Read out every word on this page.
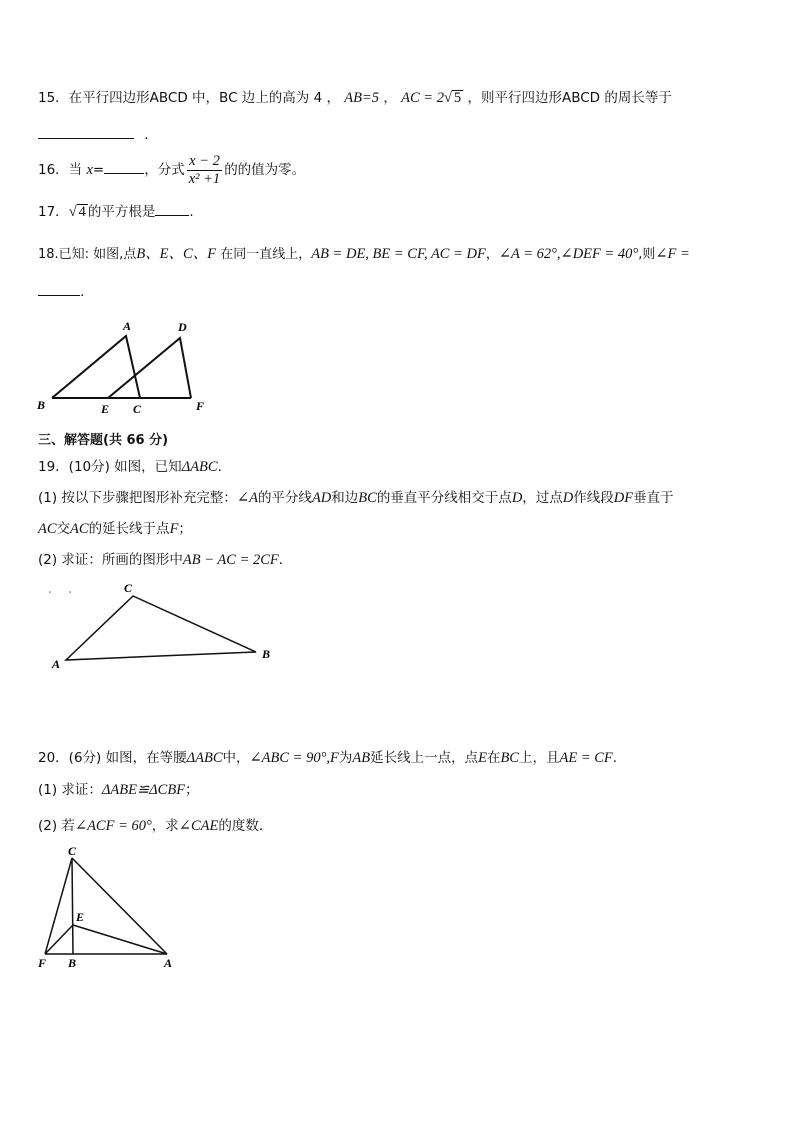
15．在平行四边形ABCD 中，BC 边上的高为 4 ， AB=5 ， AC = 2√ 5 ，则平行四边形ABCD 的周长等于
．
16．当 x=	，分式 $\frac{x - 2}{\text{x² +1}}$ 的的值为零。
17．√ 4 的平方根是	.
18.已知: 如图,点B、E、C、F 在同一直线上，AB = DE, BE = CF, AC = DF，∠A = 62°,∠DEF = 40°,则∠F =
.
A	D
B	E C	F
三、解答题(共 66 分)
19．(10分) 如图，已知ΔABC．
(1) 按以下步骤把图形补充完整：∠A的平分线AD和边BC的垂直平分线相交于点D，过点D作线段DF垂直于
AC交AC的延长线于点F；
(2) 求证：所画的图形中AB − AC = 2CF．
C
A
B
20．(6分) 如图，在等腰ΔABC中，∠ABC = 90°,F为AB延长线上一点，点E在BC上，且AE = CF.
(1) 求证：ΔABE≌ΔCBF；
(2) 若∠ACF = 60°，求∠CAE的度数．
C
E
F B	A
